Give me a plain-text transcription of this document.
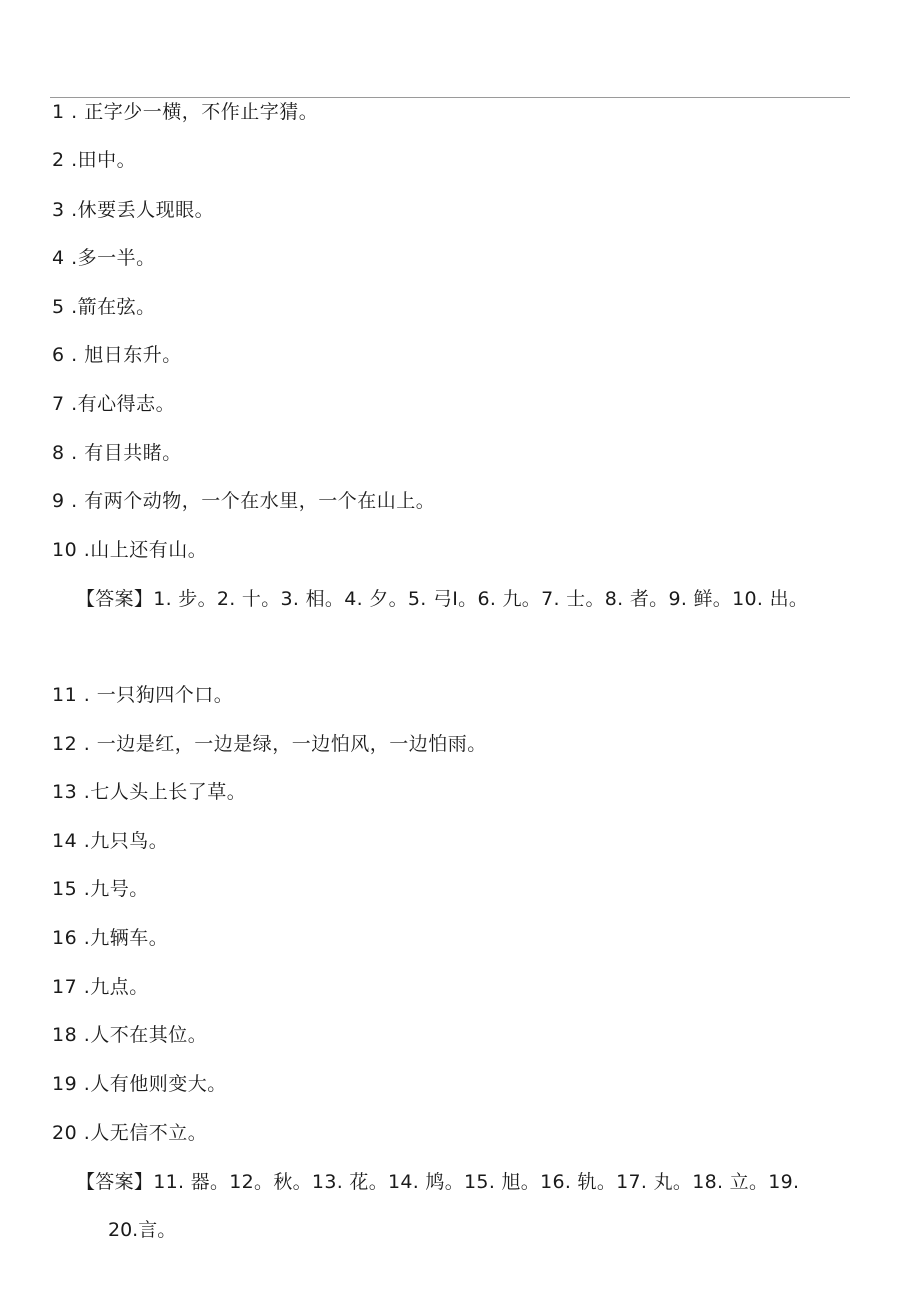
1 . 正字少一横，不作止字猜。
2 .田中。
3 .休要丢人现眼。
4 .多一半。
5 .箭在弦。
6 . 旭日东升。
7 .有心得志。
8 . 有目共睹。
9 . 有两个动物，一个在水里，一个在山上。
10 .山上还有山。
【答案】1. 步。2. 十。3. 相。4. 夕。5. 弓I。6. 九。7. 士。8. 者。9. 鲜。10. 出。
11 . 一只狗四个口。
12 . 一边是红，一边是绿，一边怕风，一边怕雨。
13 .七人头上长了草。
14 .九只鸟。
15 .九号。
16 .九辆车。
17 .九点。
18 .人不在其位。
19 .人有他则变大。
20 .人无信不立。
【答案】11. 器。12。秋。13. 花。14. 鸠。15. 旭。16. 轨。17. 丸。18. 立。19.
20.言。
